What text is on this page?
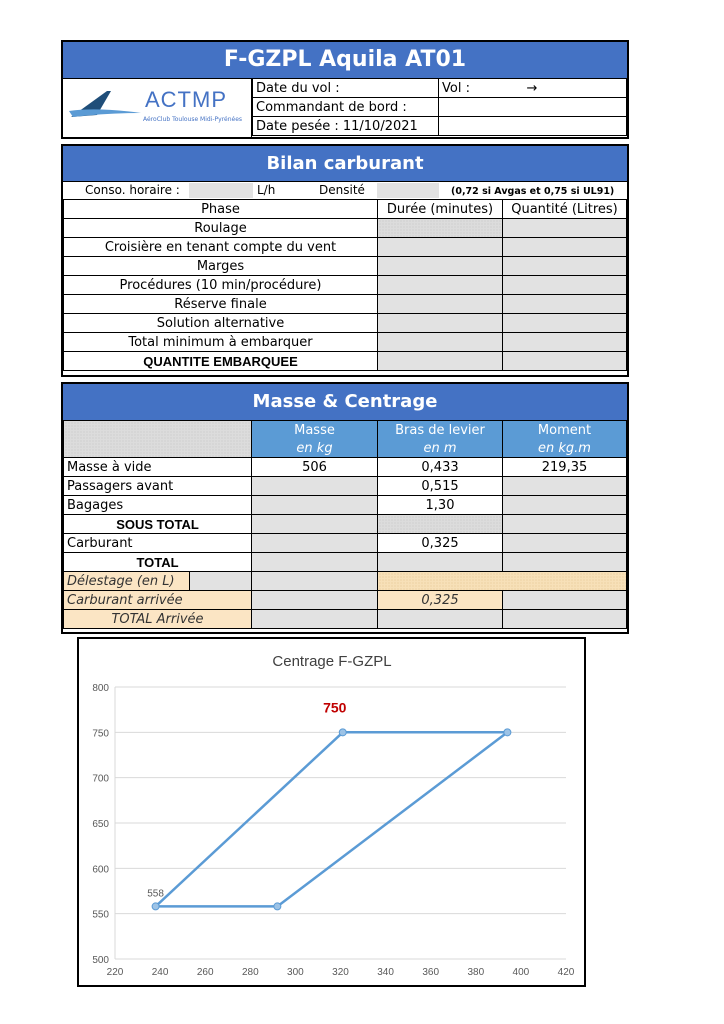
F-GZPL Aquila AT01
ACTMP
AéroClub Toulouse Midi-Pyrénées
Date du vol :	Vol :	→
Commandant de bord :		
Date pesée : 11/10/2021		
Bilan carburant
Conso. horaire :	L/h	Densité	(0,72 si Avgas et 0,75 si UL91)
Phase	Durée (minutes)	Quantité (Litres)
Roulage		
Croisière en tenant compte du vent		
Marges		
Procédures (10 min/procédure)		
Réserve finale		
Solution alternative		
Total minimum à embarquer		
QUANTITE EMBARQUEE		
Masse & Centrage
		Masse	Bras de levier	Moment
		en kg	en m	en kg.m
Masse à vide		506	0,433	219,35
Passagers avant			0,515	
Bagages			1,30	
SOUS TOTAL				
Carburant			0,325	
TOTAL				
Délestage (en L)				
Carburant arrivée			0,325	
TOTAL Arrivée				
Centrage F-GZPL
500
550
600
650
700
750
800
220	240	260	280	300	320	340	360	380	400	420
558
750
